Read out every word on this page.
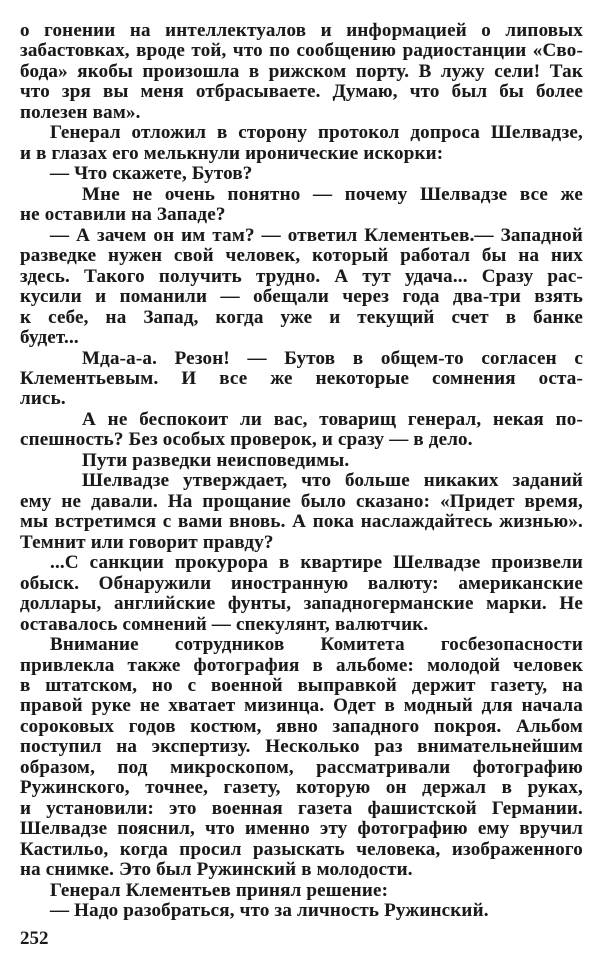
о гонении на интеллектуалов и информацией о липовых
забастовках, вроде той, что по сообщению радиостанции «Сво-
бода» якобы произошла в рижском порту. В лужу сели! Так
что зря вы меня отбрасываете. Думаю, что был бы более
полезен вам».
Генерал отложил в сторону протокол допроса Шелвадзе,
и в глазах его мелькнули иронические искорки:
— Что скажете, Бутов?
Мне не очень понятно — почему Шелвадзе все же
не оставили на Западе?
— А зачем он им там? — ответил Клементьев.— Западной
разведке нужен свой человек, который работал бы на них
здесь. Такого получить трудно. А тут удача... Сразу рас-
кусили и поманили — обещали через года два-три взять
к себе, на Запад, когда уже и текущий счет в банке
будет...
Мда-а-а. Резон! — Бутов в общем-то согласен с
Клементьевым. И все же некоторые сомнения оста-
лись.
А не беспокоит ли вас, товарищ генерал, некая по-
спешность? Без особых проверок, и сразу — в дело.
Пути разведки неисповедимы.
Шелвадзе утверждает, что больше никаких заданий
ему не давали. На прощание было сказано: «Придет время,
мы встретимся с вами вновь. А пока наслаждайтесь жизнью».
Темнит или говорит правду?
...С санкции прокурора в квартире Шелвадзе произвели
обыск. Обнаружили иностранную валюту: американские
доллары, английские фунты, западногерманские марки. Не
оставалось сомнений — спекулянт, валютчик.
Внимание сотрудников Комитета госбезопасности
привлекла также фотография в альбоме: молодой человек
в штатском, но с военной выправкой держит газету, на
правой руке не хватает мизинца. Одет в модный для начала
сороковых годов костюм, явно западного покроя. Альбом
поступил на экспертизу. Несколько раз внимательнейшим
образом, под микроскопом, рассматривали фотографию
Ружинского, точнее, газету, которую он держал в руках,
и установили: это военная газета фашистской Германии.
Шелвадзе пояснил, что именно эту фотографию ему вручил
Кастильо, когда просил разыскать человека, изображенного
на снимке. Это был Ружинский в молодости.
Генерал Клементьев принял решение:
— Надо разобраться, что за личность Ружинский.
252
